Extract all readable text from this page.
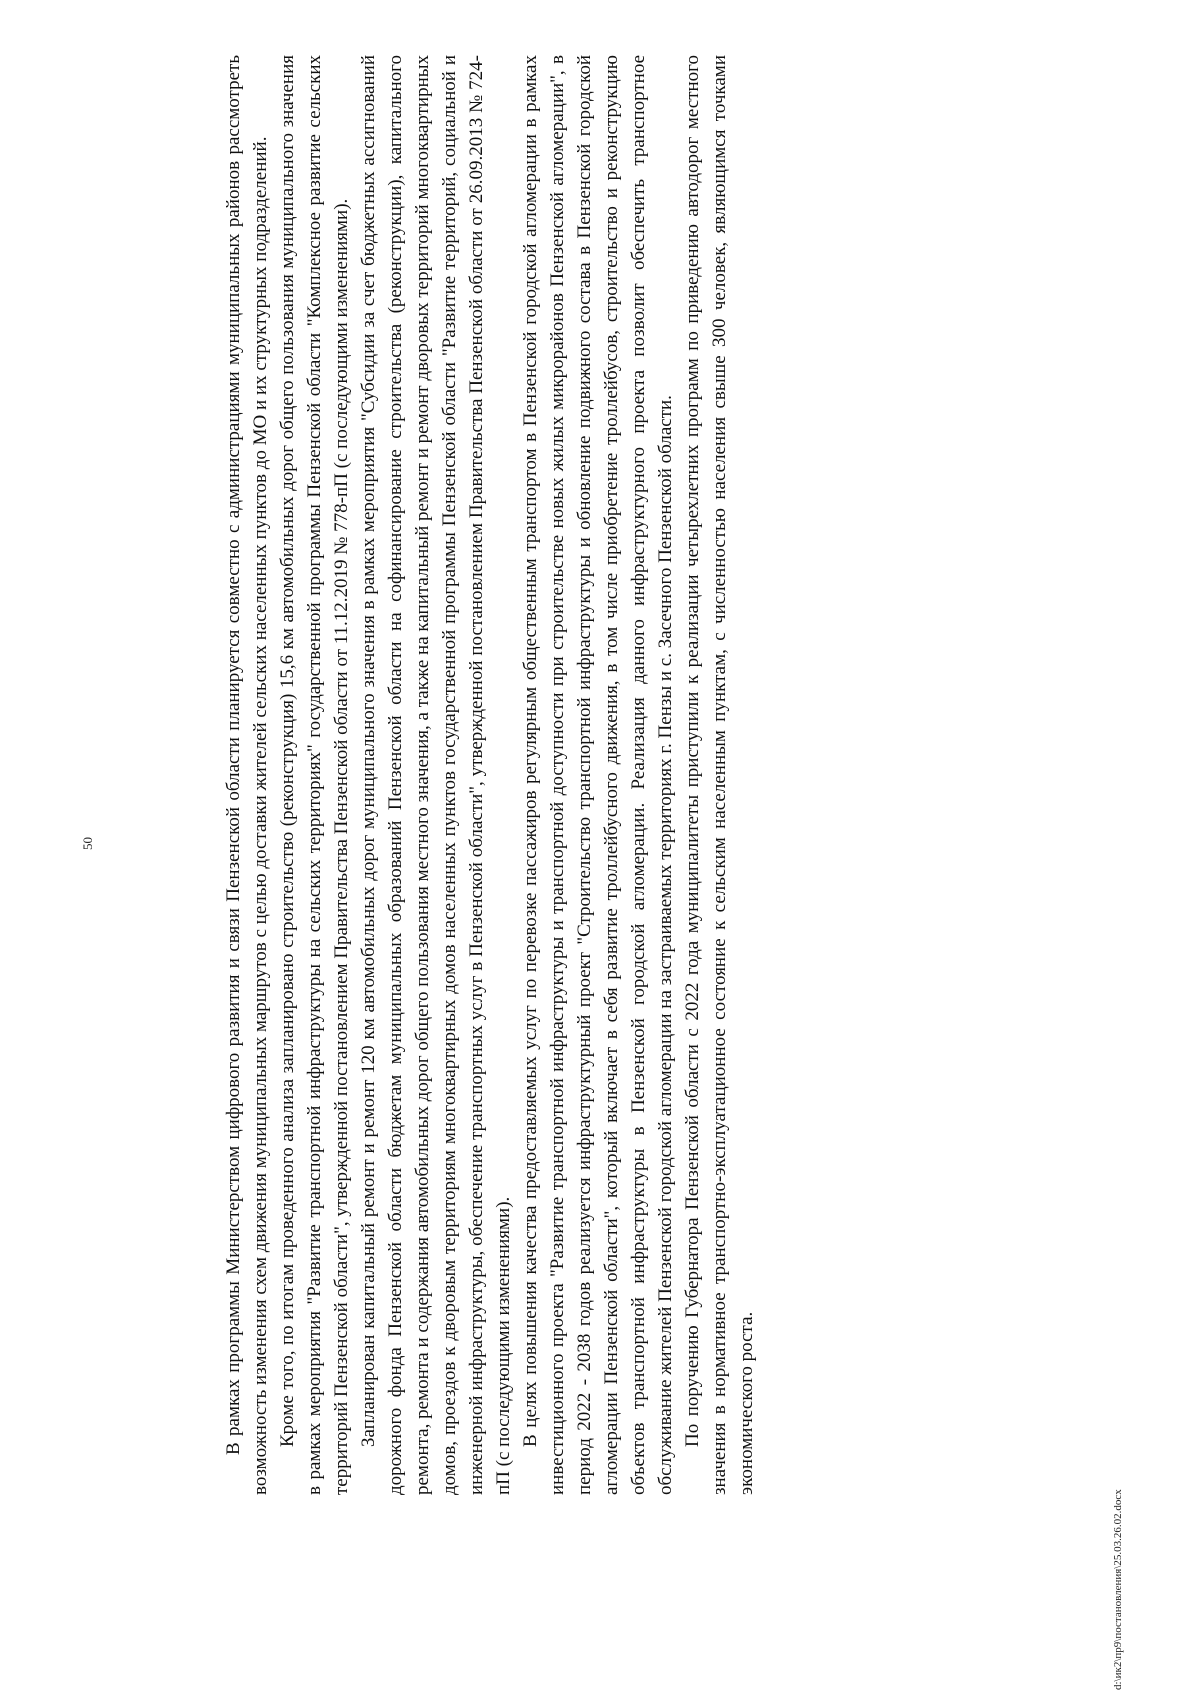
50	В рамках программы Министерством цифрового развития и связи Пензенской области планируется совместно с администрациями муниципальных районов рассмотреть возможность изменения схем движения муниципальных маршрутов с целью доставки жителей сельских населенных пунктов до МО и их структурных подразделений. Кроме того, по итогам проведенного анализа запланировано строительство (реконструкция) 15,6 км автомобильных дорог общего пользования муниципального значения в рамках мероприятия "Развитие транспортной инфраструктуры на сельских территориях" государственной программы Пензенской области "Комплексное развитие сельских территорий Пензенской области", утвержденной постановлением Правительства Пензенской области от 11.12.2019 № 778-пП (с последующими изменениями). Запланирован капитальный ремонт и ремонт 120 км автомобильных дорог муниципального значения в рамках мероприятия "Субсидии за счет бюджетных ассигнований дорожного фонда Пензенской области бюджетам муниципальных образований Пензенской области на софинансирование строительства (реконструкции), капитального ремонта, ремонта и содержания автомобильных дорог общего пользования местного значения, а также на капитальный ремонт и ремонт дворовых территорий многоквартирных домов, проездов к дворовым территориям многоквартирных домов населенных пунктов государственной программы Пензенской области "Развитие территорий, социальной и инженерной инфраструктуры, обеспечение транспортных услуг в Пензенской области", утвержденной постановлением Правительства Пензенской области от 26.09.2013 № 724-пП (с последующими изменениями). В целях повышения качества предоставляемых услуг по перевозке пассажиров регулярным общественным транспортом в Пензенской городской агломерации в рамках инвестиционного проекта "Развитие транспортной инфраструктуры и транспортной доступности при строительстве новых жилых микрорайонов Пензенской агломерации", в период 2022 - 2038 годов реализуется инфраструктурный проект "Строительство транспортной инфраструктуры и обновление подвижного состава в Пензенской городской агломерации Пензенской области", который включает в себя развитие троллейбусного движения, в том числе приобретение троллейбусов, строительство и реконструкцию объектов транспортной инфраструктуры в Пензенской городской агломерации. Реализация данного инфраструктурного проекта позволит обеспечить транспортное обслуживание жителей Пензенской городской агломерации на застраиваемых территориях г. Пензы и с. Засечного Пензенской области. По поручению Губернатора Пензенской области с 2022 года муниципалитеты приступили к реализации четырехлетних программ по приведению автодорог местного значения в нормативное транспортно-эксплуатационное состояние к сельским населенным пунктам, с численностью населения свыше 300 человек, являющимся точками экономического роста.

d:\ик2\пр9\постановления\25.03.26.02.docx
